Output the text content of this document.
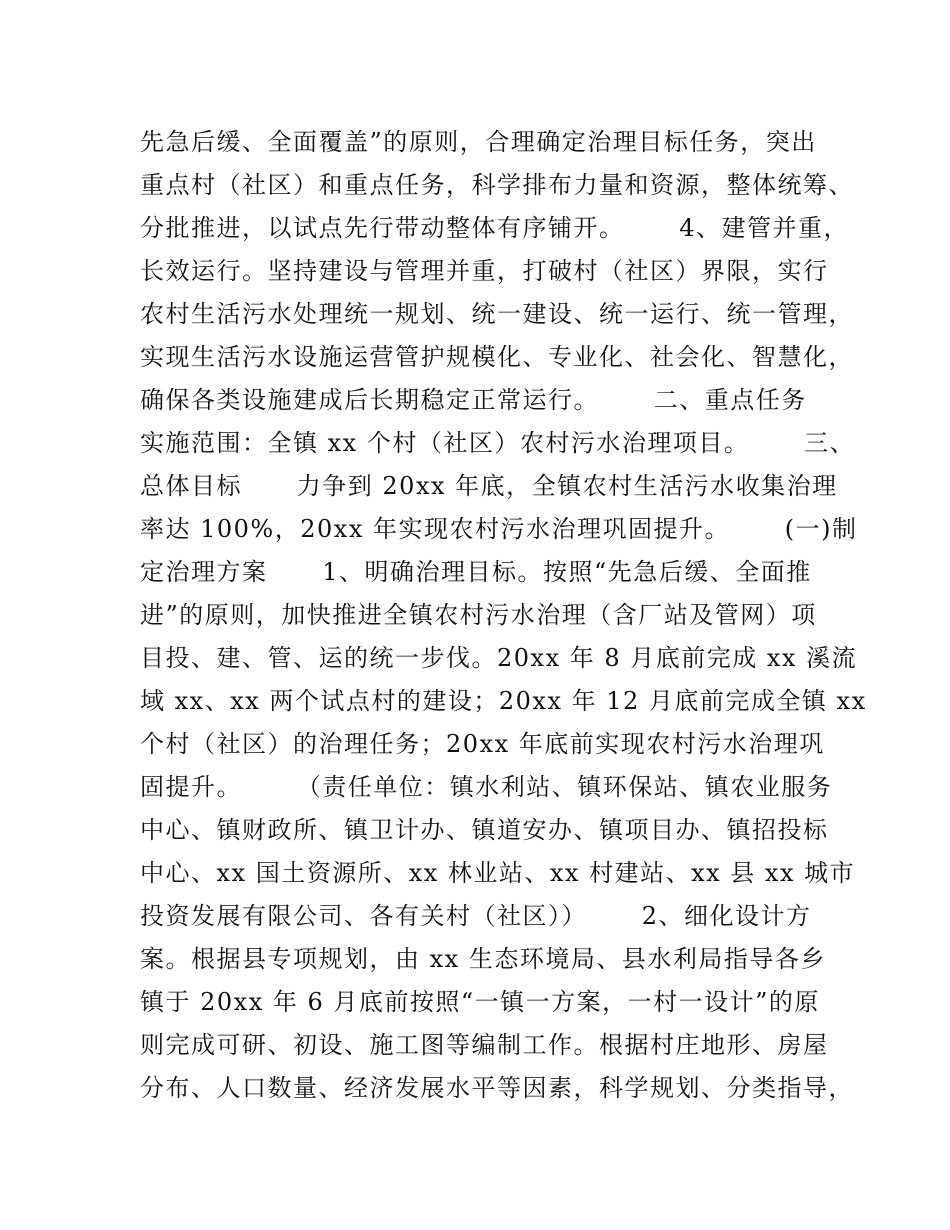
先急后缓、全面覆盖”的原则，合理确定治理目标任务，突出
重点村（社区）和重点任务，科学排布力量和资源，整体统筹、
分批推进，以试点先行带动整体有序铺开。      4、建管并重，
长效运行。坚持建设与管理并重，打破村（社区）界限，实行
农村生活污水处理统一规划、统一建设、统一运行、统一管理，
实现生活污水设施运营管护规模化、专业化、社会化、智慧化，
确保各类设施建成后长期稳定正常运行。      二、重点任务
实施范围：全镇 xx 个村（社区）农村污水治理项目。      三、
总体目标      力争到 20xx 年底，全镇农村生活污水收集治理
率达 100%，20xx 年实现农村污水治理巩固提升。      (一)制
定治理方案      1、明确治理目标。按照“先急后缓、全面推
进”的原则，加快推进全镇农村污水治理（含厂站及管网）项
目投、建、管、运的统一步伐。20xx 年 8 月底前完成 xx 溪流
域 xx、xx 两个试点村的建设；20xx 年 12 月底前完成全镇 xx
个村（社区）的治理任务；20xx 年底前实现农村污水治理巩
固提升。      （责任单位：镇水利站、镇环保站、镇农业服务
中心、镇财政所、镇卫计办、镇道安办、镇项目办、镇招投标
中心、xx 国土资源所、xx 林业站、xx 村建站、xx 县 xx 城市
投资发展有限公司、各有关村（社区））      2、细化设计方
案。根据县专项规划，由 xx 生态环境局、县水利局指导各乡
镇于 20xx 年 6 月底前按照“一镇一方案，一村一设计”的原
则完成可研、初设、施工图等编制工作。根据村庄地形、房屋
分布、人口数量、经济发展水平等因素，科学规划、分类指导，
